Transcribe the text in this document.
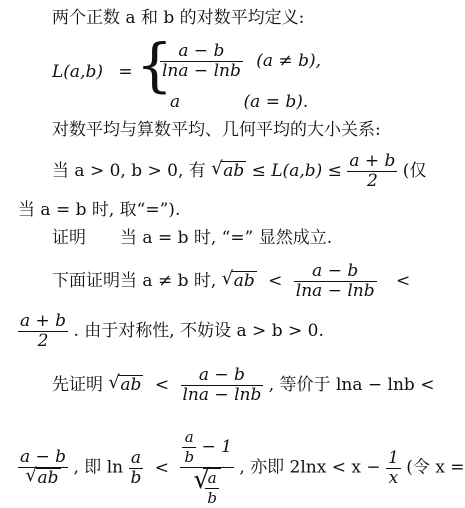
两个正数 a 和 b 的对数平均定义:
L(a,b) = {
$\frac{a - b}{\ln a - \ln b} (a \ne b)$,
a	(a = b).
对数平均与算数平均、几何平均的大小关系:
当 a > 0, b > 0, 有 √ ab ≤ $L(a,b) \le \frac{a + b}{2}$ (仅
当 a = b 时, 取“=”).
证明　　当 a = b 时, “=” 显然成立.
下面证明当 a ≠ b 时, √ ab < $\frac{a - b}{\ln a - \ln b}$ <
$\frac{a + b}{2}$ . 由于对称性, 不妨设 a > b > 0.
先证明 √ ab < $\frac{a - b}{\ln a - \ln b}$ , 等价于 lna − lnb <
$\frac{a - b}{√ ab}$ , 即 $\ln \frac{a}{b} < \frac{a}{b} - 1$
√
$\frac{a}{b}$ , 亦即 $2\ln x < x - \frac{1}{x}$ (令 x =
